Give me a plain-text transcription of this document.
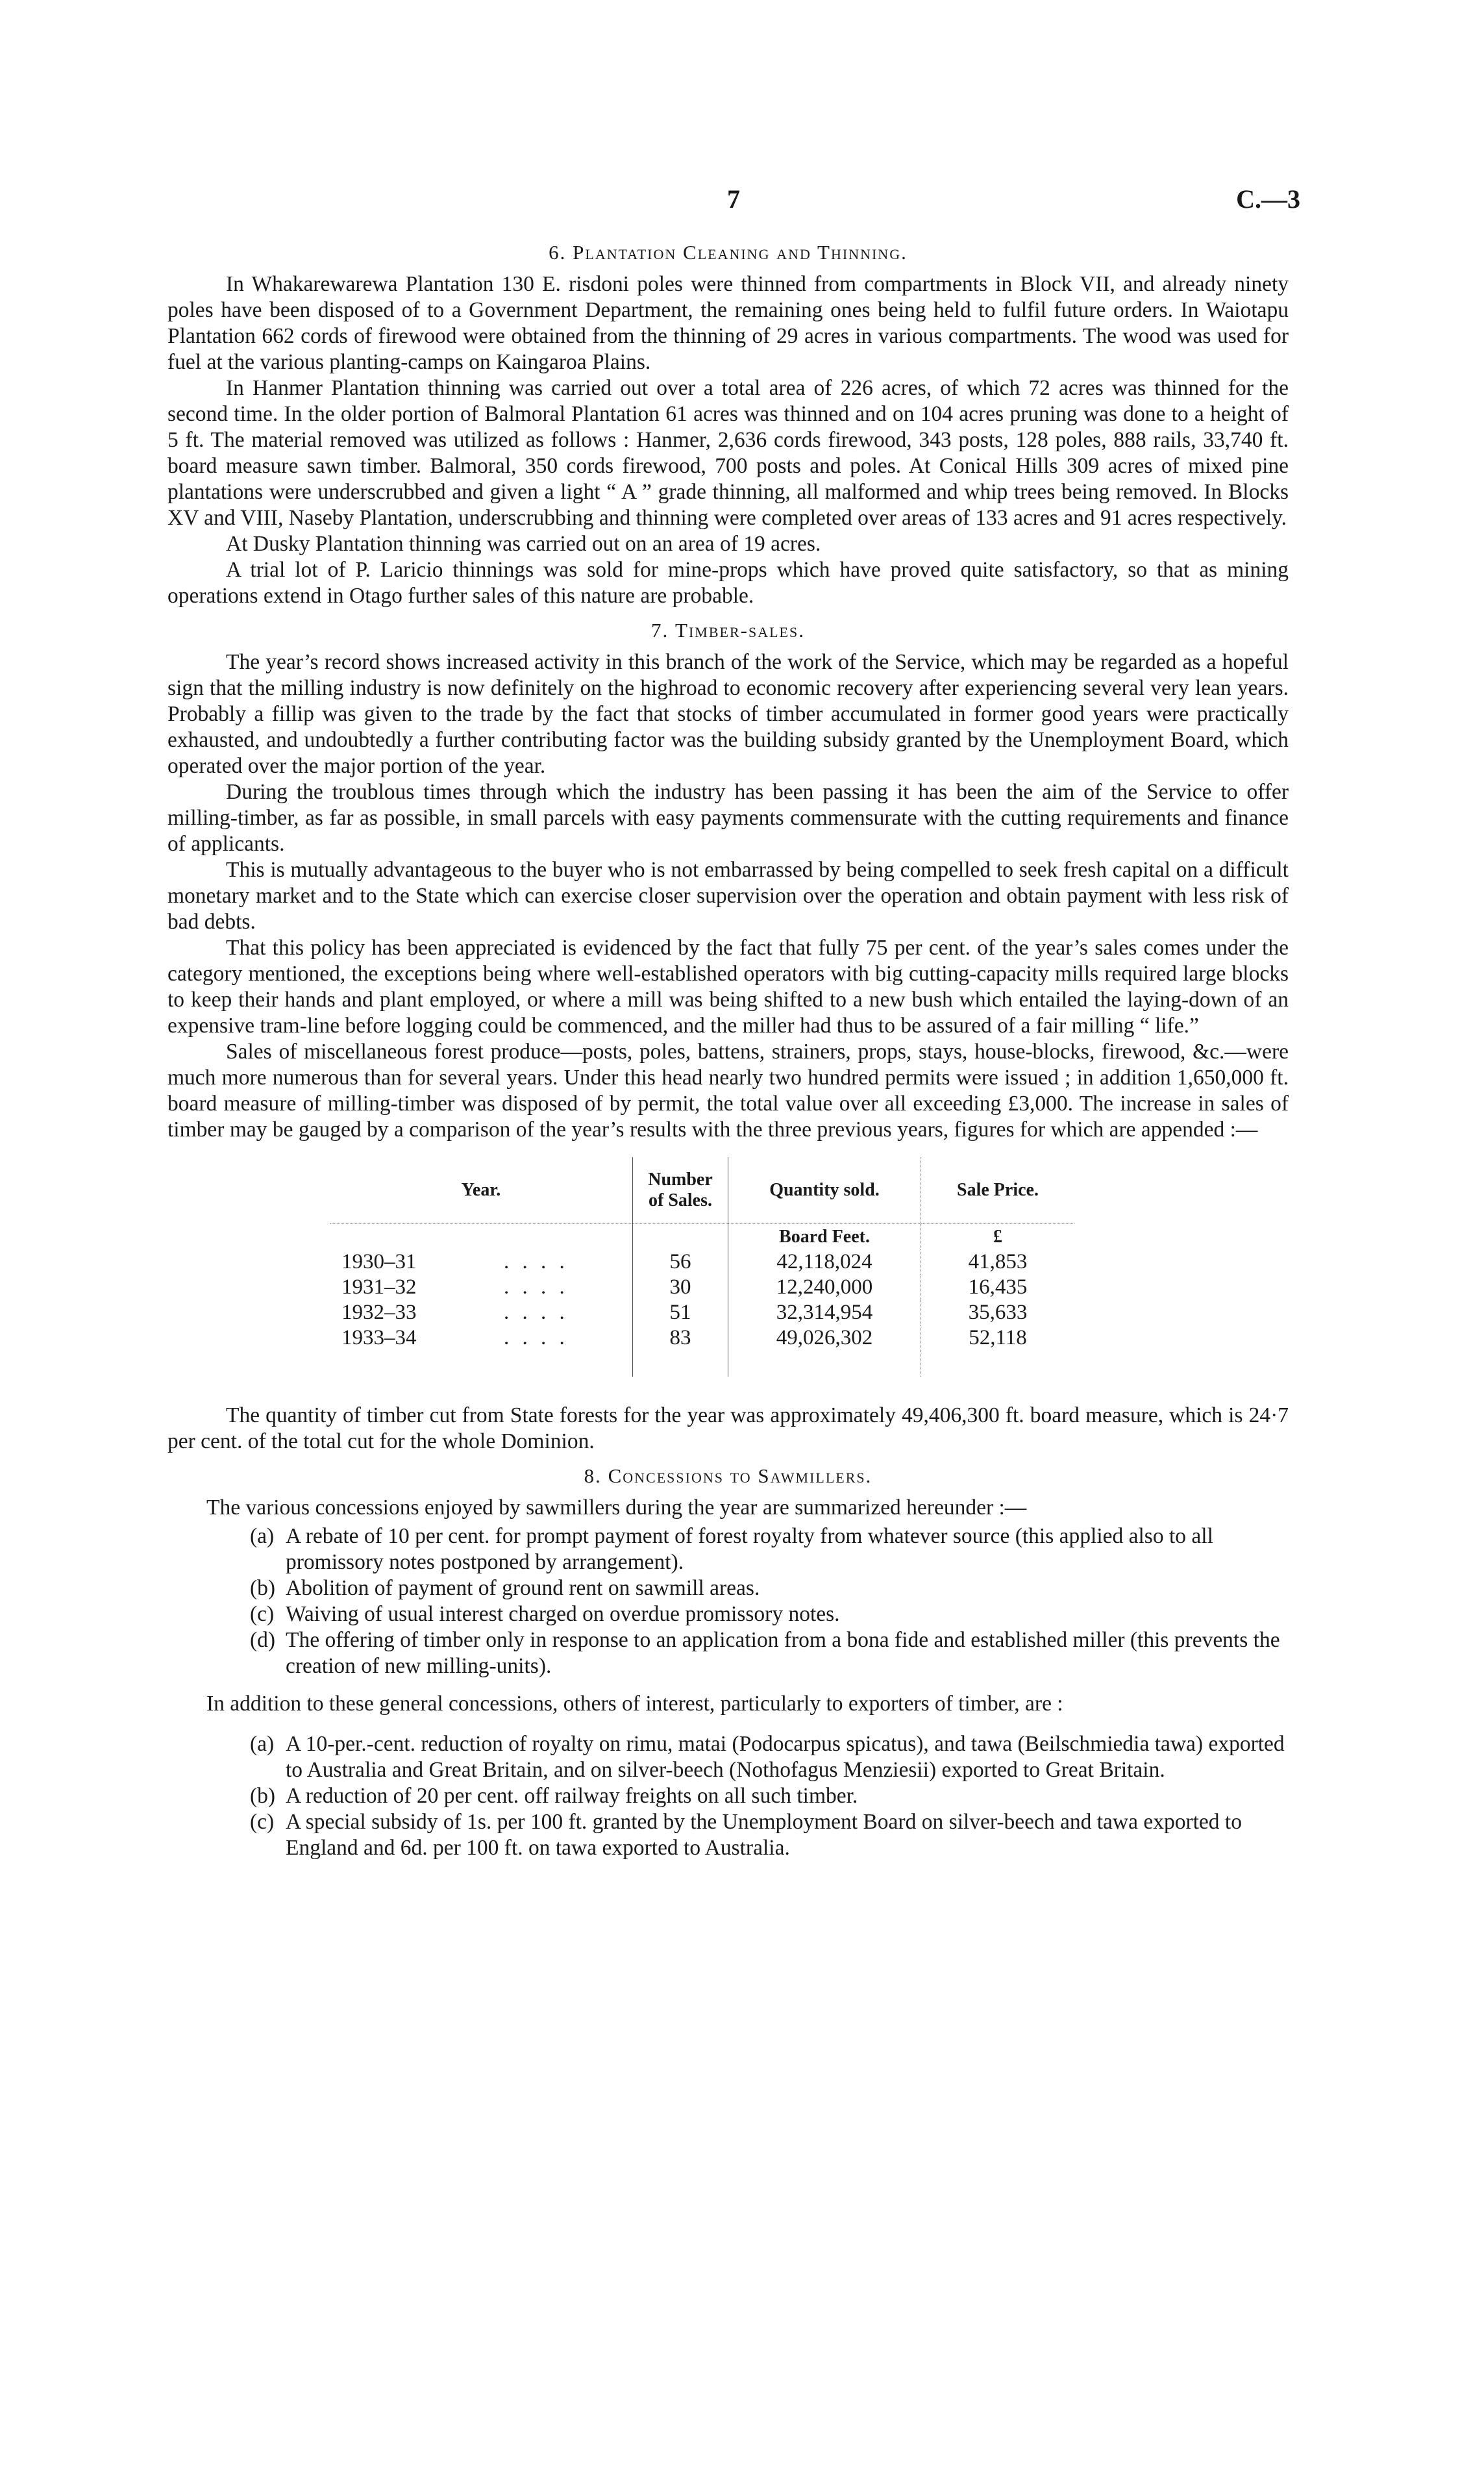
7	C.—3
6. Plantation Cleaning and Thinning.

In Whakarewarewa Plantation 130 E. risdoni poles were thinned from compartments in Block VII, and already ninety poles have been disposed of to a Government Department, the remaining ones being held to fulfil future orders. In Waiotapu Plantation 662 cords of firewood were obtained from the thinning of 29 acres in various compartments. The wood was used for fuel at the various planting-camps on Kaingaroa Plains.

In Hanmer Plantation thinning was carried out over a total area of 226 acres, of which 72 acres was thinned for the second time. In the older portion of Balmoral Plantation 61 acres was thinned and on 104 acres pruning was done to a height of 5 ft. The material removed was utilized as follows : Hanmer, 2,636 cords firewood, 343 posts, 128 poles, 888 rails, 33,740 ft. board measure sawn timber. Balmoral, 350 cords firewood, 700 posts and poles. At Conical Hills 309 acres of mixed pine plantations were underscrubbed and given a light “ A ” grade thinning, all malformed and whip trees being removed. In Blocks XV and VIII, Naseby Plantation, underscrubbing and thinning were completed over areas of 133 acres and 91 acres respectively.

At Dusky Plantation thinning was carried out on an area of 19 acres.

A trial lot of P. Laricio thinnings was sold for mine-props which have proved quite satisfactory, so that as mining operations extend in Otago further sales of this nature are probable.

7. Timber-sales.

The year’s record shows increased activity in this branch of the work of the Service, which may be regarded as a hopeful sign that the milling industry is now definitely on the highroad to economic recovery after experiencing several very lean years. Probably a fillip was given to the trade by the fact that stocks of timber accumulated in former good years were practically exhausted, and undoubtedly a further contributing factor was the building subsidy granted by the Unemployment Board, which operated over the major portion of the year.

During the troublous times through which the industry has been passing it has been the aim of the Service to offer milling-timber, as far as possible, in small parcels with easy payments commensurate with the cutting requirements and finance of applicants.

This is mutually advantageous to the buyer who is not embarrassed by being compelled to seek fresh capital on a difficult monetary market and to the State which can exercise closer supervision over the operation and obtain payment with less risk of bad debts.

That this policy has been appreciated is evidenced by the fact that fully 75 per cent. of the year’s sales comes under the category mentioned, the exceptions being where well-established operators with big cutting-capacity mills required large blocks to keep their hands and plant employed, or where a mill was being shifted to a new bush which entailed the laying-down of an expensive tram-line before logging could be commenced, and the miller had thus to be assured of a fair milling “ life.”

Sales of miscellaneous forest produce—posts, poles, battens, strainers, props, stays, house-blocks, firewood, &c.—were much more numerous than for several years. Under this head nearly two hundred permits were issued ; in addition 1,650,000 ft. board measure of milling-timber was disposed of by permit, the total value over all exceeding £3,000. The increase in sales of timber may be gauged by a comparison of the year’s results with the three previous years, figures for which are appended :—

Year.	Number of Sales.	Quantity sold.	Sale Price.
		Board Feet.	£
1930–31 . . . .	56	42,118,024	41,853
1931–32 . . . .	30	12,240,000	16,435
1932–33 . . . .	51	32,314,954	35,633
1933–34 . . . .	83	49,026,302	52,118

The quantity of timber cut from State forests for the year was approximately 49,406,300 ft. board measure, which is 24·7 per cent. of the total cut for the whole Dominion.

8. Concessions to Sawmillers.

The various concessions enjoyed by sawmillers during the year are summarized hereunder :—

(a) A rebate of 10 per cent. for prompt payment of forest royalty from whatever source (this applied also to all promissory notes postponed by arrangement).
(b) Abolition of payment of ground rent on sawmill areas.
(c) Waiving of usual interest charged on overdue promissory notes.
(d) The offering of timber only in response to an application from a bona fide and established miller (this prevents the creation of new milling-units).

In addition to these general concessions, others of interest, particularly to exporters of timber, are :

(a) A 10-per.-cent. reduction of royalty on rimu, matai (Podocarpus spicatus), and tawa (Beilschmiedia tawa) exported to Australia and Great Britain, and on silver-beech (Nothofagus Menziesii) exported to Great Britain.
(b) A reduction of 20 per cent. off railway freights on all such timber.
(c) A special subsidy of 1s. per 100 ft. granted by the Unemployment Board on silver-beech and tawa exported to England and 6d. per 100 ft. on tawa exported to Australia.
